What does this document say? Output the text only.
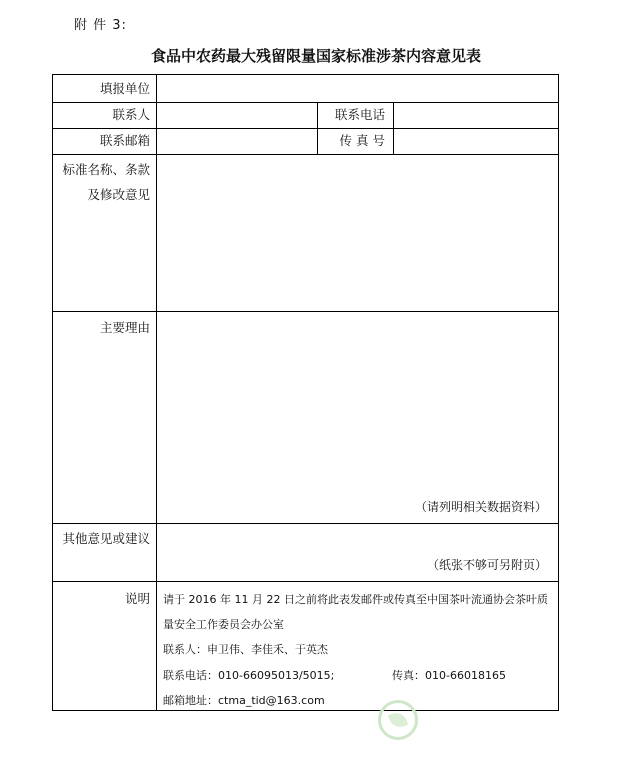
附 件 3:
食品中农药最大残留限量国家标准涉茶内容意见表
填报单位
联系人	联系电话
联系邮箱	传 真 号
标准名称、条款
及修改意见
主要理由
（请列明相关数据资料）
其他意见或建议
（纸张不够可另附页）
说明 请于 2016 年 11 月 22 日之前将此表发邮件或传真至中国茶叶流通协会茶叶质
量安全工作委员会办公室
联系人：申卫伟、李佳禾、于英杰
联系电话：010-66095013/5015;	传真：010-66018165
邮箱地址：ctma_tid@163.com
